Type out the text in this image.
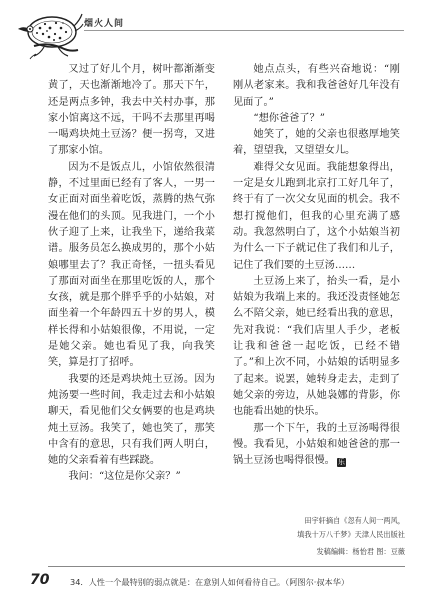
烟火人间

又过了好儿个月，树叶都渐渐变黄了，天也渐渐地冷了。那天下午，还是两点多钟，我去中关村办事，那家小馆离这不远，干吗不去那里再喝一喝鸡块炖土豆汤？便一拐弯，又进了那家小馆。

因为不是饭点儿，小馆依然很清静，不过里面已经有了客人，一男一女正面对面坐着吃饭，蒸腾的热气弥漫在他们的头顶。见我进门，一个小伙子迎了上来，让我坐下，递给我菜谱。服务员怎么换成男的，那个小姑娘哪里去了？我正奇怪，一扭头看见了那面对面坐在那里吃饭的人，那个女孩，就是那个胖乎乎的小姑娘，对面坐着一个年龄四五十岁的男人，模样长得和小姑娘很像，不用说，一定是她父亲。她也看见了我，向我笑笑，算是打了招呼。

我要的还是鸡块炖土豆汤。因为炖汤要一些时间，我走过去和小姑娘聊天，看见他们父女俩要的也是鸡块炖土豆汤。我笑了，她也笑了，那笑中含有的意思，只有我们两人明白，她的父亲看着有些踩跷。

我问：“这位是你父亲？”

她点点头，有些兴奋地说：“刚刚从老家来。我和我爸爸好几年没有见面了。”

“想你爸爸了？”

她笑了，她的父亲也很憨厚地笑着，望望我，又望望女儿。

难得父女见面。我能想象得出，一定是女儿跑到北京打工好几年了，终于有了一次父女见面的机会。我不想打搅他们，但我的心里充满了感动。我忽然明白了，这个小姑娘当初为什么一下子就记住了我们和儿子，记住了我们要的土豆汤……

土豆汤上来了，抬头一看，是小姑娘为我端上来的。我还没责怪她怎么不陪父亲，她已经看出我的意思，先对我说：“我们店里人手少，老板让我和爸爸一起吃饭，已经不错了。”和上次不同，小姑娘的话明显多了起来。说罢，她转身走去，走到了她父亲的旁边，从她袅娜的背影，你也能看出她的快乐。

那一个下午，我的土豆汤喝得很慢。我看见，小姑娘和她爸爸的那一锅土豆汤也喝得很慢。 乐

田宇轩摘自《忽有人间一两风，
填我十万八千梦》天津人民出版社
发稿编辑：杨怡君 图：豆薇
70	34．人性一个最特别的弱点就是：在意别人如何看待自己。（阿图尔·叔本华）
